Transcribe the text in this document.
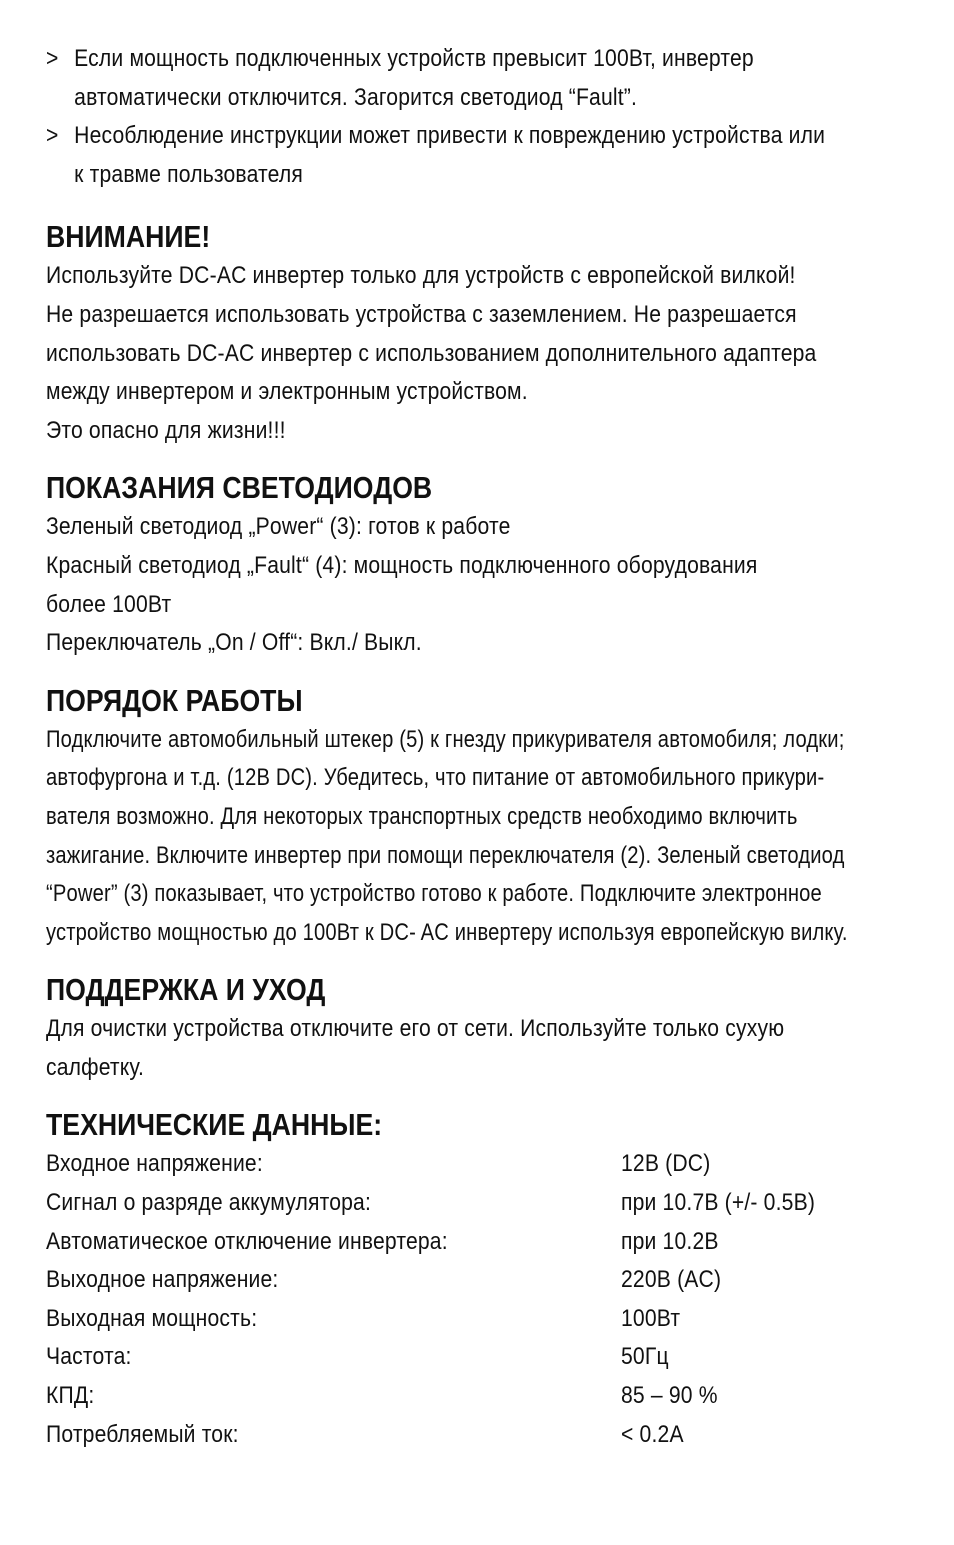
> Если мощность подключенных устройств превысит 100Вт, инвертер
автоматически отключится. Загорится светодиод “Fault”.
> Несоблюдение инструкции может привести к повреждению устройства или
к травме пользователя
ВНИМАНИЕ!
Используйте DC-AC инвертер только для устройств с европейской вилкой!
Не разрешается использовать устройства с заземлением. Не разрешается
использовать DC-AC инвертер с использованием дополнительного адаптера
между инвертером и электронным устройством.
Это опасно для жизни!!!
ПОКАЗАНИЯ СВЕТОДИОДОВ
Зеленый светодиод „Power“ (3): готов к работе
Красный светодиод „Fault“ (4): мощность подключенного оборудования
более 100Вт
Переключатель „On / Off“: Вкл./ Выкл.
ПОРЯДОК РАБОТЫ
Подключите автомобильный штекер (5) к гнезду прикуривателя автомобиля; лодки;
автофургона и т.д. (12В DC). Убедитесь, что питание от автомобильного прикури-
вателя возможно. Для некоторых транспортных средств необходимо включить
зажигание. Включите инвертер при помощи переключателя (2). Зеленый светодиод
“Power” (3) показывает, что устройство готово к работе. Подключите электронное
устройство мощностью до 100Вт к DC- AC инвертеру используя европейскую вилку.
ПОДДЕРЖКА И УХОД
Для очистки устройства отключите его от сети. Используйте только сухую
салфетку.
ТЕХНИЧЕСКИЕ ДАННЫЕ:
Входное напряжение:	12В (DC)
Сигнал о разряде аккумулятора:	при 10.7В (+/- 0.5В)
Автоматическое отключение инвертера:	при 10.2В
Выходное напряжение:	220В (AC)
Выходная мощность:	100Вт
Частота:	50Гц
КПД:	85 – 90 %
Потребляемый ток:	< 0.2А
